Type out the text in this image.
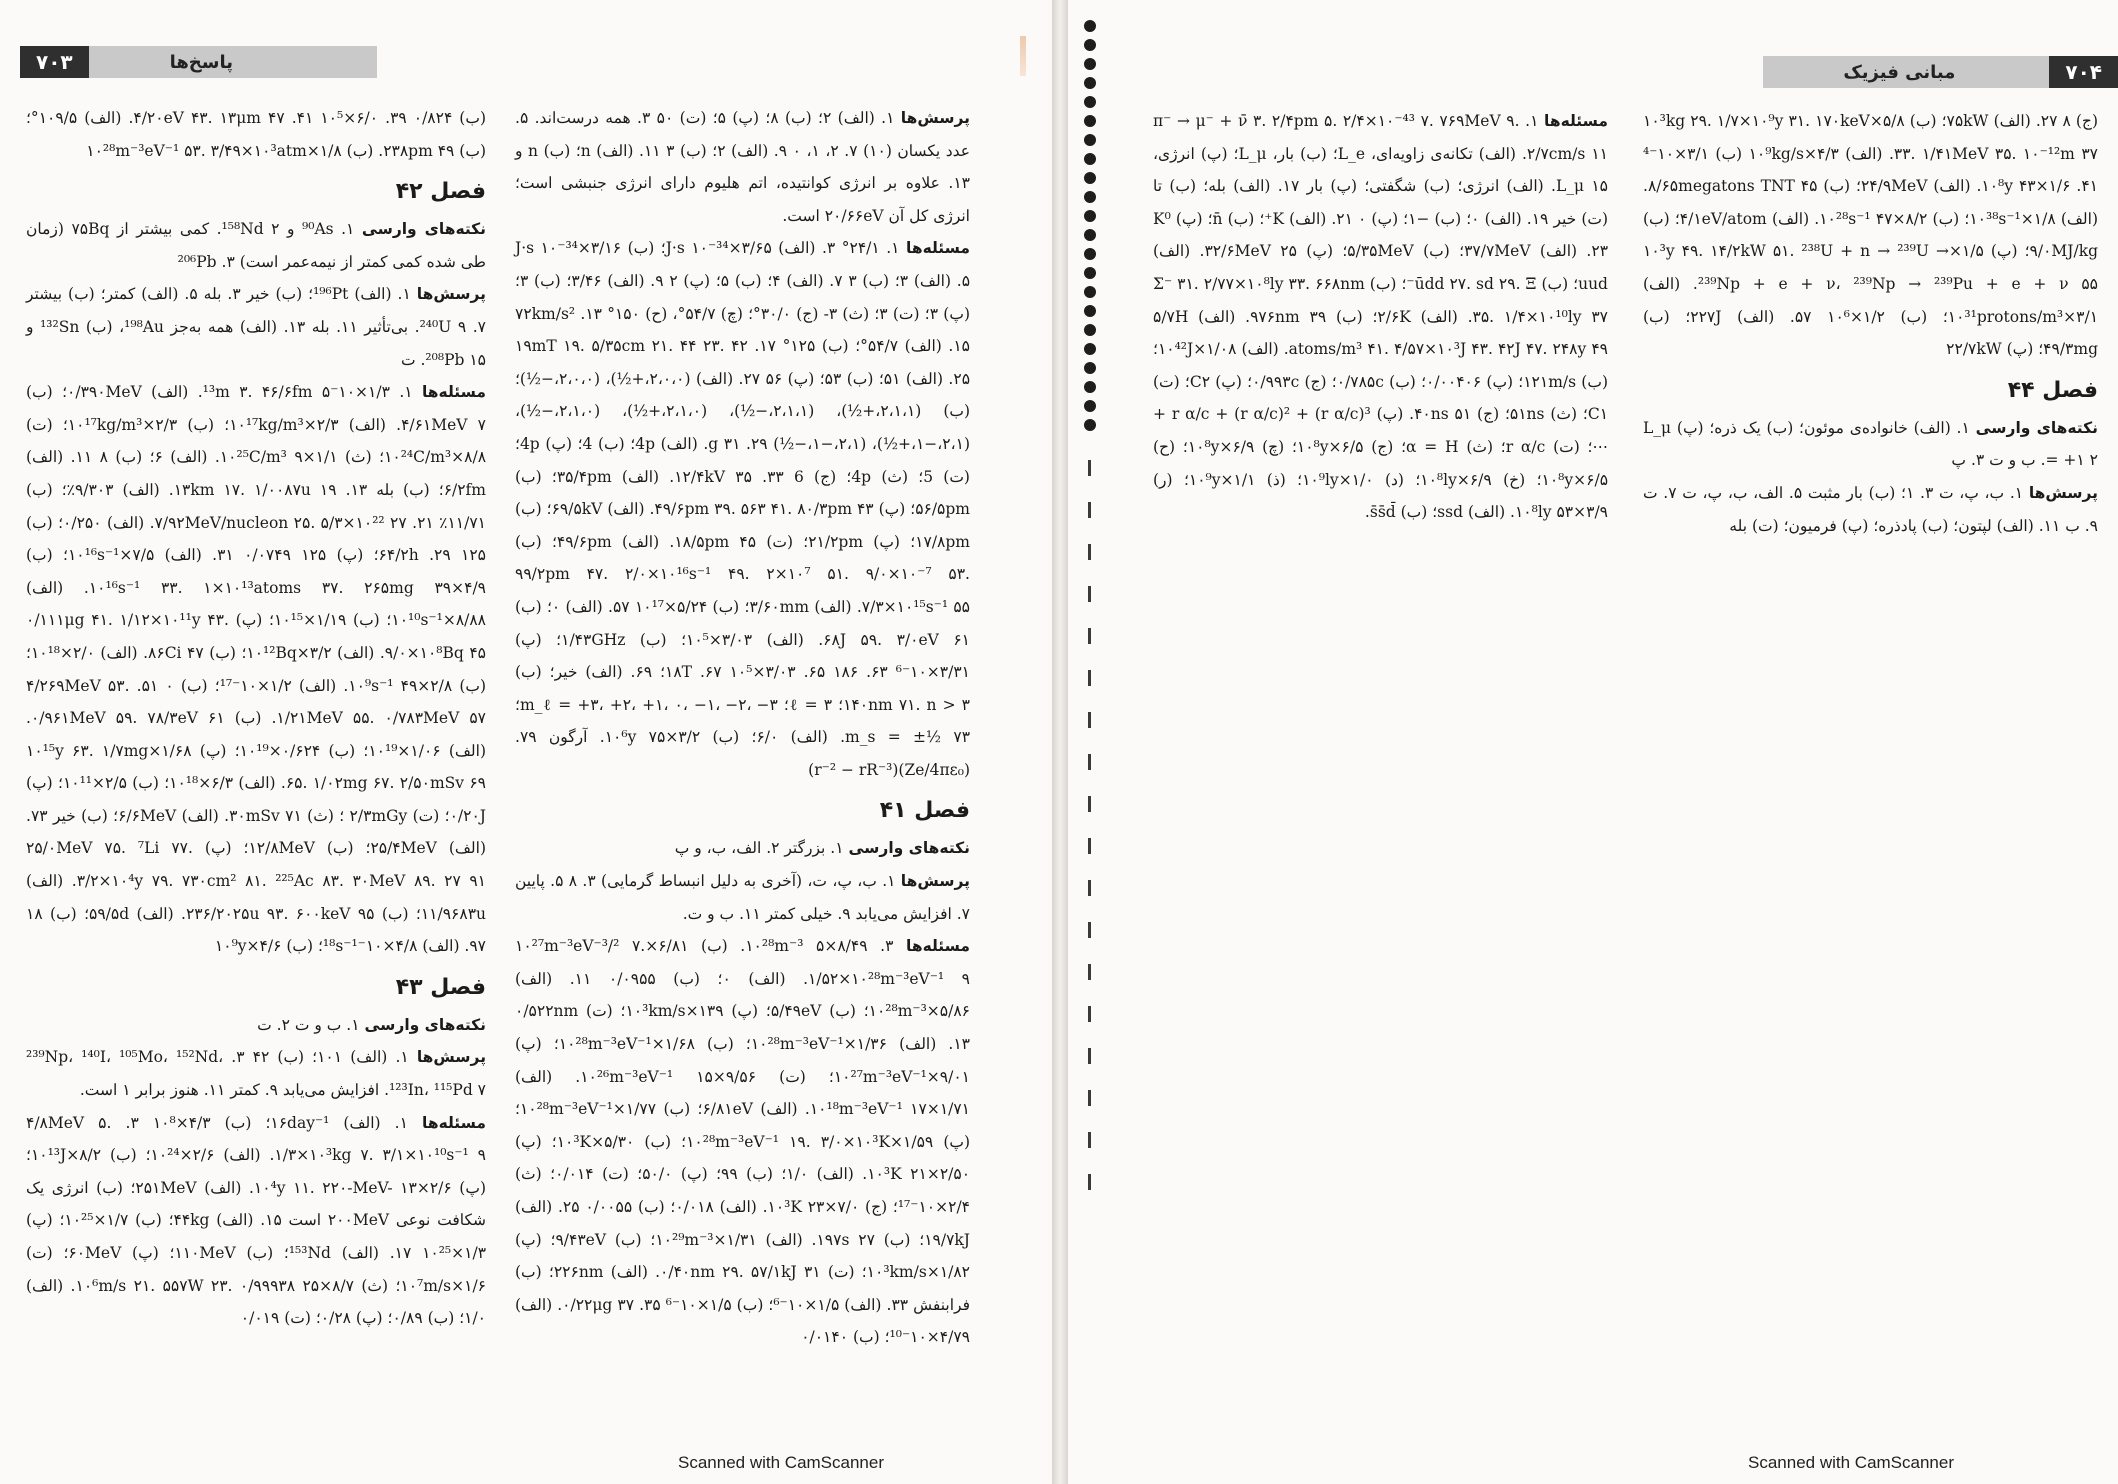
۷۰۳	پاسخ‌ها

پرسش‌ها ۱. (الف) ۲؛ (ب) ۸؛ (پ) ۵؛ (ت) ۵۰ ۳. همه درست‌اند. ۵. عدد یکسان (۱۰) ۷. ۲، ۱، ۰ ۹. (الف) ۲؛ (ب) ۳ ۱۱. (الف) n؛ (ب) n و ۱۳. علاوه بر انرژی کوانتیده، اتم هلیوم دارای انرژی جنبشی است؛ انرژی کل آن ۲۰/۶۶eV است.

مسئله‌ها ۱. ۲۴/۱° ۳. (الف) J·s ۱۰⁻³⁴×۳/۶۵؛ (ب) J·s ۱۰⁻³⁴×۳/۱۶ ۵. (الف) ۳؛ (ب) ۳ ۷. (الف) ۴؛ (ب) ۵؛ (پ) ۲ ۹. (الف) ۳/۴۶؛ (ب) ۳؛ (پ) ۳؛ (ت) ۳؛ (ث) ۳- (ج) ۳۰/۰°؛ (چ) ۵۴/۷°، (ح) ۱۵۰° ۱۳. ۷۲km/s² ۱۵. (الف) ۵۴/۷°؛ (ب) ۱۲۵° ۱۷. ۱۹mT ۱۹. ۵/۳۵cm ۲۱. ۴۴ ۲۳. ۴۲ ۲۵. (الف) ۵۱؛ (ب) ۵۳؛ (پ) ۵۶ ۲۷. (الف) (۲،۰،۰،+½)، (۲،۰،۰،−½)؛ (ب) (۲،۱،۱،+½)، (۲،۱،۱،−½)، (۲،۱،۰،+½)، (۲،۱،۰،−½)، (۲،۱،−۱،+½)، (۲،۱،−۱،−½) ۲۹. g ۳۱. (الف) 4p؛ (ب) 4؛ (پ) 4p؛ (ت) 5؛ (ث) 4p؛ (ج) 6 ۳۳. ۱۲/۴kV ۳۵. (الف) ۳۵/۴pm؛ (ب) ۵۶/۵pm؛ (پ) ۴۹/۶pm ۳۹. ۵۶۳ ۴۱. ۸۰/۳pm ۴۳. (الف) ۶۹/۵kV؛ (ب) ۱۷/۸pm؛ (پ) ۲۱/۲pm؛ (ت) ۱۸/۵pm ۴۵. (الف) ۴۹/۶pm؛ (ب) ۹۹/۲pm ۴۷. ۲/۰×۱۰¹⁶s⁻¹ ۴۹. ۲×۱۰⁷ ۵۱. ۹/۰×۱۰⁻⁷ ۵۳. ۷/۳×۱۰¹⁵s⁻¹ ۵۵. (الف) ۳/۶۰mm؛ (ب) ۵/۲۴×۱۰¹⁷ ۵۷. (الف) ۰؛ (ب) ۶۸J ۵۹. ۳/۰eV ۶۱. (الف) ۳/۰۳×۱۰⁵؛ (ب) ۱/۴۳GHz؛ (پ) ۳/۳۱×۱۰⁻⁶ ۶۳. ۱۸۶ ۶۵. ۳/۰۳×۱۰⁵ ۶۷. ۱۸T؛ ۶۹. (الف) خیر؛ (ب) ۱۴۰nm ۷۱. n > ۳؛ ℓ = ۳؛ m_ℓ = +۳، +۲، +۱، ۰، −۱، −۲، −۳؛ m_s = ±½ ۷۳. (الف) ۶/۰؛ (ب) ۳/۲×۱۰⁶y ۷۵. آرگون ۷۹. (Ze/4πε₀)(r⁻² − rR⁻³)

فصل ۴۱

نکته‌های وارسی ۱. بزرگتر ۲. الف، ب، و پ

پرسش‌ها ۱. ب، پ، ت، (آخری به دلیل انبساط گرمایی) ۳. ۸ ۵. پایین ۷. افزایش می‌یابد ۹. خیلی کمتر ۱۱. ب و ت.

مسئله‌ها ۳. ۸/۴۹×۱۰²⁸m⁻³ ۵. (ب) ۶/۸۱×۱۰²⁷m⁻³eV⁻³/² ۷. ۱/۵۲×۱۰²⁸m⁻³eV⁻¹ ۹. (الف) ۰؛ (ب) ۰/۰۹۵۵ ۱۱. (الف) ۵/۸۶×۱۰²⁸m⁻³؛ (ب) ۵/۴۹eV؛ (پ) ۱۳۹×۱۰³km/s؛ (ت) ۰/۵۲۲nm ۱۳. (الف) ۱/۳۶×۱۰²⁸m⁻³eV⁻¹؛ (ب) ۱/۶۸×۱۰²⁸m⁻³eV⁻¹؛ (پ) ۹/۰۱×۱۰²⁷m⁻³eV⁻¹؛ (ت) ۹/۵۶×۱۰²⁶m⁻³eV⁻¹ ۱۵. (الف) ۱/۷۱×۱۰¹⁸m⁻³eV⁻¹ ۱۷. (الف) ۶/۸۱eV؛ (ب) ۱/۷۷×۱۰²⁸m⁻³eV⁻¹؛ (پ) ۱/۵۹×۱۰²⁸m⁻³eV⁻¹ ۱۹. ۳/۰×۱۰³K؛ (ب) ۵/۳۰×۱۰³K؛ (پ) ۲/۵۰×۱۰³K ۲۱. (الف) ۱/۰؛ (ب) ۹۹؛ (پ) ۵۰/۰؛ (ت) ۰/۰۱۴؛ (ث) ۲/۴×۱۰⁻¹⁷؛ (ج) ۷/۰×۱۰³K ۲۳. (الف) ۰/۰۱۸؛ (ب) ۰/۰۰۵۵ ۲۵. (الف) ۱۹/۷kJ؛ (ب) ۱۹۷s ۲۷. (الف) ۱/۳۱×۱۰²⁹m⁻³؛ (ب) ۹/۴۳eV؛ (پ) ۱/۸۲×۱۰³km/s؛ (ت) ۰/۴۰nm ۲۹. ۵۷/۱kJ ۳۱. (الف) ۲۲۶nm؛ (ب) فرابنفش ۳۳. (الف) ۱/۵×۱۰⁻⁶؛ (ب) ۱/۵×۱۰⁻⁶ ۳۵. ۰/۲۲μg ۳۷. (الف) ۴/۷۹×۱۰⁻¹⁰؛ (ب) ۰/۰۱۴۰

(ب) ۰/۸۲۴ ۳۹. ۶/۰×۱۰⁵ ۴۱. ۴/۲۰eV ۴۳. ۱۳μm ۴۷. (الف) ۱۰۹/۵°؛ (ب) ۲۳۸pm ۴۹. (ب) ۱/۸×۱۰²⁸m⁻³eV⁻¹ ۵۳. ۳/۴۹×۱۰³atm

فصل ۴۲

نکته‌های وارسی ۱. ⁹⁰As و ¹⁵⁸Nd ۲. کمی بیشتر از ۷۵Bq (زمان طی شده کمی کمتر از نیمه‌عمر است) ۳. ²⁰⁶Pb

پرسش‌ها ۱. (الف) ¹⁹⁶Pt؛ (ب) خیر ۳. بله ۵. (الف) کمتر؛ (ب) بیشتر ۷. ²⁴⁰U ۹. بی‌تأثیر ۱۱. بله ۱۳. (الف) همه به‌جز ¹⁹⁸Au، (ب) ¹³²Sn و ²⁰⁸Pb ۱۵. ت

مسئله‌ها ۱. ۱/۳×۱۰⁻¹³m ۳. ۴۶/۶fm ۵. (الف) ۰/۳۹۰MeV؛ (ب) ۴/۶۱MeV ۷. (الف) ۲/۳×۱۰¹⁷kg/m³؛ (ب) ۲/۳×۱۰¹⁷kg/m³؛ (ت) ۸/۸×۱۰²⁴C/m³؛ (ث) ۱/۱×۱۰²⁵C/m³ ۹. (الف) ۶؛ (ب) ۸ ۱۱. (الف) ۶/۲fm؛ (ب) بله ۱۳. ۱۳km ۱۷. ۱/۰۰۸۷u ۱۹. (الف) ۹/۳۰۳٪؛ (ب) ۱۱/۷۱٪ ۲۱. ۷/۹۲MeV/nucleon ۲۵. ۵/۳×۱۰²² ۲۷. (الف) ۰/۲۵۰؛ (ب) ۱۲۵ ۲۹. ۶۴/۲h؛ (پ) ۱۲۵ ۰/۰۷۴۹ ۳۱. (الف) ۷/۵×۱۰¹⁶s⁻¹؛ (ب) ۴/۹×۱۰¹⁶s⁻¹ ۳۳. ۱×۱۰¹³atoms ۳۷. ۲۶۵mg ۳۹. (الف) ۸/۸۸×۱۰¹⁰s⁻¹؛ (ب) ۱/۱۹×۱۰¹⁵؛ (پ) ۰/۱۱۱μg ۴۱. ۱/۱۲×۱۰¹¹y ۴۳. ۹/۰×۱۰⁸Bq ۴۵. (الف) ۳/۲×۱۰¹²Bq؛ (ب) ۸۶Ci ۴۷. (الف) ۲/۰×۱۰¹⁸؛ (ب) ۲/۸×۱۰⁹s⁻¹ ۴۹. (الف) ۱/۲×۱۰⁻¹⁷؛ (ب) ۰ ۵۱. ۴/۲۶۹MeV ۵۳. ۱/۲۱MeV ۵۵. ۰/۷۸۳MeV ۵۷. (ب) ۰/۹۶۱MeV ۵۹. ۷۸/۳eV ۶۱. (الف) ۱/۰۶×۱۰¹⁹؛ (ب) ۰/۶۲۴×۱۰¹⁹؛ (پ) ۱/۶۸×۱۰¹⁵y ۶۳. ۱/۷mg ۶۵. ۱/۰۲mg ۶۷. ۲/۵۰mSv ۶۹. (الف) ۶/۳×۱۰¹⁸؛ (ب) ۲/۵×۱۰¹¹؛ (پ) ۰/۲۰J؛ (ت) ۲/۳mGy ؛ (ث) ۳۰mSv ۷۱. (الف) ۶/۶MeV؛ (ب) خیر ۷۳. (الف) ۲۵/۴MeV؛ (ب) ۱۲/۸MeV؛ (پ) ۲۵/۰MeV ۷۵. ⁷Li ۷۷. ۳/۲×۱۰⁴y ۷۹. ۷۳۰cm² ۸۱. ²²⁵Ac ۸۳. ۳۰MeV ۸۹. ۲۷ ۹۱. (الف) ۱۱/۹۶۸۳u؛ (ب) ۲۳۶/۲۰۲۵u ۹۳. ۶۰۰keV ۹۵. (الف) ۵۹/۵d؛ (ب) ۱۸ ۹۷. (الف) ۴/۸×۱۰⁻¹⁸s⁻¹؛ (ب) ۴/۶×۱۰⁹y

فصل ۴۳

نکته‌های وارسی ۱. ب و ت ۲. ت

پرسش‌ها ۱. (الف) ۱۰۱؛ (ب) ۴۲ ۳. ²³⁹Np، ¹⁴⁰I، ¹⁰⁵Mo، ¹⁵²Nd، ¹²³In، ¹¹⁵Pd ۷. افزایش می‌یابد ۹. کمتر ۱۱. هنوز برابر ۱ است.

مسئله‌ها ۱. (الف) ۱۶day⁻¹؛ (ب) ۴/۳×۱۰⁸ ۳. ۴/۸MeV ۵. ۱/۳×۱۰³kg ۷. ۳/۱×۱۰¹⁰s⁻¹ ۹. (الف) ۲/۶×۱۰²⁴؛ (ب) ۸/۲×۱۰¹³J؛ (پ) ۲/۶×۱۰⁴y ۱۱. ۲۲۰-MeV- ۱۳. (الف) ۲۵۱MeV؛ (ب) انرژی یک شکافت نوعی ۲۰۰MeV است ۱۵. (الف) ۴۴kg؛ (ب) ۱/۷×۱۰²⁵؛ (پ) ۱/۳×۱۰²⁵ ۱۷. (الف) ¹⁵³Nd؛ (ب) ۱۱۰MeV؛ (پ) ۶۰MeV؛ (ت) ۱/۶×۱۰⁷m/s؛ (ث) ۸/۷×۱۰⁶m/s ۲۱. ۵۵۷W ۲۳. ۰/۹۹۹۳۸ ۲۵. (الف) ۱/۰؛ (ب) ۰/۸۹؛ (پ) ۰/۲۸؛ (ت) ۰/۰۱۹

Scanned with CamScanner
۷۰۴
مبانی فیزیک

(ج) ۸ ۲۷. (الف) ۷۵kW؛ (ب) ۵/۸×۱۰³kg ۲۹. ۱/۷×۱۰⁹y ۳۱. ۱۷۰keV ۳۳. ۱/۴۱MeV ۳۵. ۱۰⁻¹²m ۳۷. (الف) ۴/۳×۱۰⁹kg/s (ب) ۳/۱×۱۰⁻⁴ ۴۱. ۱/۶×۱۰⁸y ۴۳. (الف) ۲۴/۹MeV؛ (ب) ۸/۶۵megatons TNT ۴۵. (الف) ۱/۸×۱۰³⁸s⁻¹؛ (ب) ۸/۲×۱۰²⁸s⁻¹ ۴۷. (الف) ۴/۱eV/atom؛ (ب) ۹/۰MJ/kg؛ (پ) ۱/۵×۱۰³y ۴۹. ۱۴/۲kW ۵۱. ²³⁸U + n → ²³⁹U → ²³⁹Np + e + ν، ²³⁹Np → ²³⁹Pu + e + ν ۵۵. (الف) ۳/۱×۱۰³¹protons/m³؛ (ب) ۱/۲×۱۰⁶ ۵۷. (الف) ۲۲۷J؛ (ب) ۴۹/۳mg؛ (پ) ۲۲/۷kW

فصل ۴۴

نکته‌های وارسی ۱. (الف) خانواده‌ی موئون؛ (ب) یک ذره؛ (پ) L_μ = +۱ ۲. ب و ت ۳. پ

پرسش‌ها ۱. ب، پ، ت ۳. ۱؛ (ب) بار مثبت ۵. الف، ب، پ، ت ۷. ت ۹. ب ۱۱. (الف) لپتون؛ (ب) پادذره؛ (پ) فرمیون؛ (ت) بله

مسئله‌ها ۱. π⁻ → μ⁻ + ν̄ ۳. ۲/۴pm ۵. ۲/۴×۱۰⁻⁴³ ۷. ۷۶۹MeV ۹. ۲/۷cm/s ۱۱. (الف) تکانه‌ی زاویه‌ای، L_e؛ (ب) بار، L_μ؛ (پ) انرژی، L_μ ۱۵. (الف) انرژی؛ (ب) شگفتی؛ (پ) بار ۱۷. (الف) بله؛ (ب) تا (ت) خیر ۱۹. (الف) ۰؛ (ب) −۱؛ (پ) ۰ ۲۱. (الف) K⁺؛ (ب) n̄؛ (پ) K⁰ ۲۳. (الف) ۳۷/۷MeV؛ (ب) ۵/۳۵MeV؛ (پ) ۳۲/۶MeV ۲۵. (الف) uud؛ (ب) ūdd ۲۷. sd ۲۹. Ξ⁻؛ (ب) Σ⁻ ۳۱. ۲/۷۷×۱۰⁸ly ۳۳. ۶۶۸nm ۳۵. ۱/۴×۱۰¹⁰ly ۳۷. (الف) ۲/۶K؛ (ب) ۹۷۶nm ۳۹. (الف) ۵/۷H atoms/m³ ۴۱. ۴/۵۷×۱۰³J ۴۳. ۴۲J ۴۷. ۲۴۸y ۴۹. (الف) ۱/۰۸×۱۰⁴²J؛ (ب) ۱۲۱m/s؛ (پ) ۰/۰۰۴۰۶؛ (ب) ۰/۷۸۵c؛ (ج) ۰/۹۹۳c؛ (پ) C۲؛ (ت) C۱؛ (ث) ۵۱ns؛ (ج) ۴۰ns ۵۱. (پ) r α/c + (r α/c)² + (r α/c)³ + ⋯؛ (ت) r α/c؛ (ث) α = H؛ (ج) ۶/۵×۱۰⁸y؛ (چ) ۶/۹×۱۰⁸y؛ (ح) ۶/۵×۱۰⁸y؛ (خ) ۶/۹×۱۰⁸ly؛ (د) ۱/۰×۱۰⁹ly؛ (ذ) ۱/۱×۱۰⁹y؛ (ر) ۳/۹×۱۰⁸ly ۵۳. (الف) ssd؛ (ب) s̄s̄d̄.

Scanned with CamScanner
